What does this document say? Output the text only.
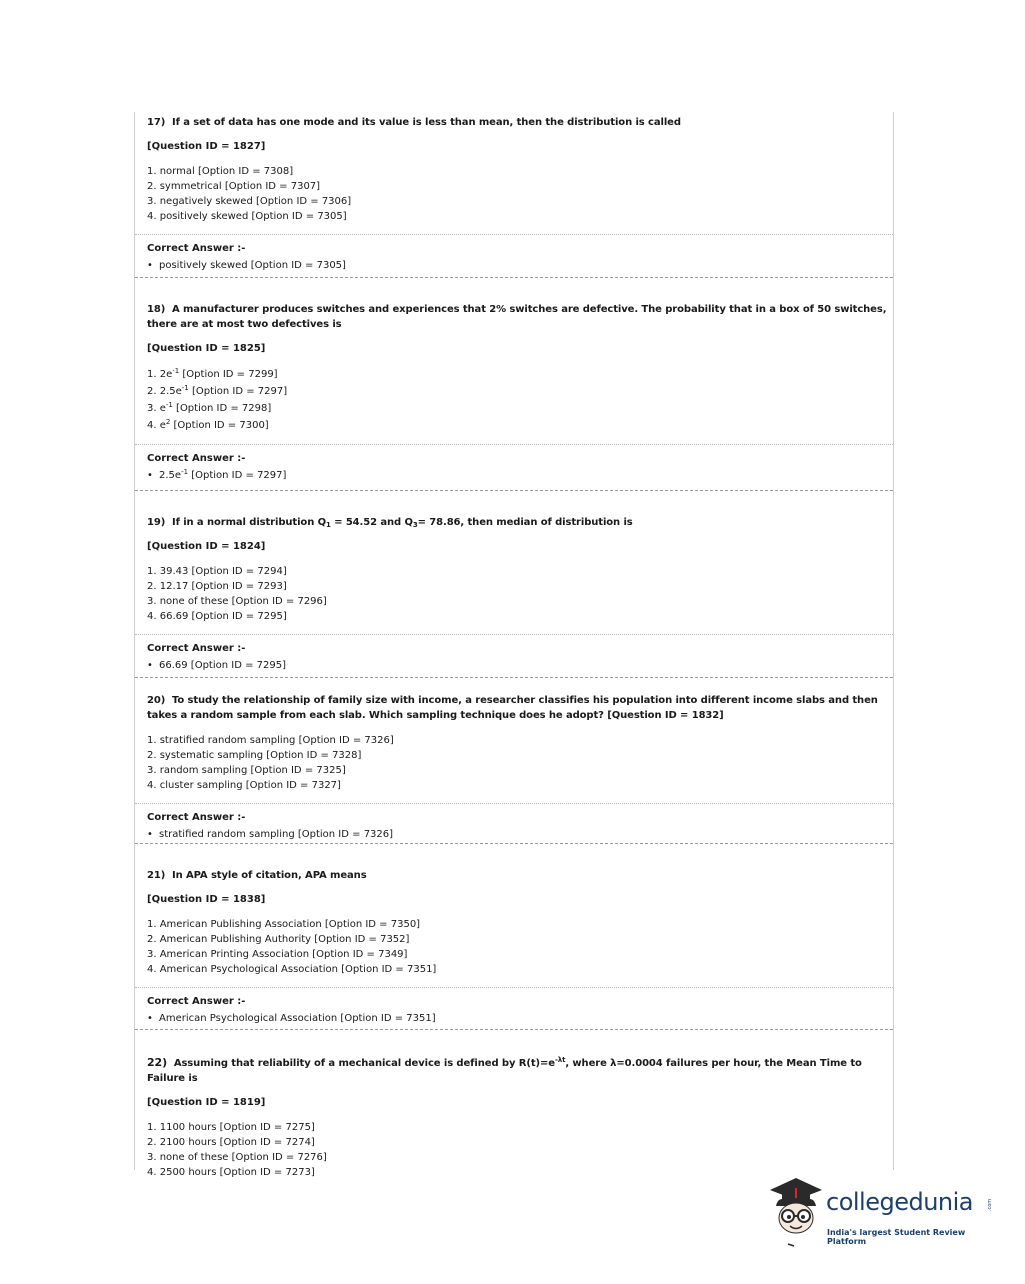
17) If a set of data has one mode and its value is less than mean, then the distribution is called

[Question ID = 1827]

1. normal [Option ID = 7308]
2. symmetrical [Option ID = 7307]
3. negatively skewed [Option ID = 7306]
4. positively skewed [Option ID = 7305]

Correct Answer :-

• positively skewed [Option ID = 7305]

18) A manufacturer produces switches and experiences that 2% switches are defective. The probability that in a box of 50 switches, there are at most two defectives is

[Question ID = 1825]

1. $2e^{-1}$ [Option ID = 7299]
2. $2.5e^{-1}$ [Option ID = 7297]
3. $e^{-1}$ [Option ID = 7298]
4. $e^2$ [Option ID = 7300]

Correct Answer :-

• $2.5e^{-1}$ [Option ID = 7297]

19) If in a normal distribution $Q_1 = 54.52$ and $Q_3= 78.86$, then median of distribution is

[Question ID = 1824]

1. 39.43 [Option ID = 7294]
2. 12.17 [Option ID = 7293]
3. none of these [Option ID = 7296]
4. 66.69 [Option ID = 7295]

Correct Answer :-

• 66.69 [Option ID = 7295]

20) To study the relationship of family size with income, a researcher classifies his population into different income slabs and then takes a random sample from each slab. Which sampling technique does he adopt? [Question ID = 1832]

1. stratified random sampling [Option ID = 7326]
2. systematic sampling [Option ID = 7328]
3. random sampling [Option ID = 7325]
4. cluster sampling [Option ID = 7327]

Correct Answer :-

• stratified random sampling [Option ID = 7326]

21) In APA style of citation, APA means

[Question ID = 1838]

1. American Publishing Association [Option ID = 7350]
2. American Publishing Authority [Option ID = 7352]
3. American Printing Association [Option ID = 7349]
4. American Psychological Association [Option ID = 7351]

Correct Answer :-

• American Psychological Association [Option ID = 7351]

22) Assuming that reliability of a mechanical device is defined by $R(t)=e^{-\lambda t}$, where λ=0.0004 failures per hour, the Mean Time to Failure is

[Question ID = 1819]

1. 1100 hours [Option ID = 7275]
2. 2100 hours [Option ID = 7274]
3. none of these [Option ID = 7276]
4. 2500 hours [Option ID = 7273]
collegedunia	.com
India's largest Student Review Platform
